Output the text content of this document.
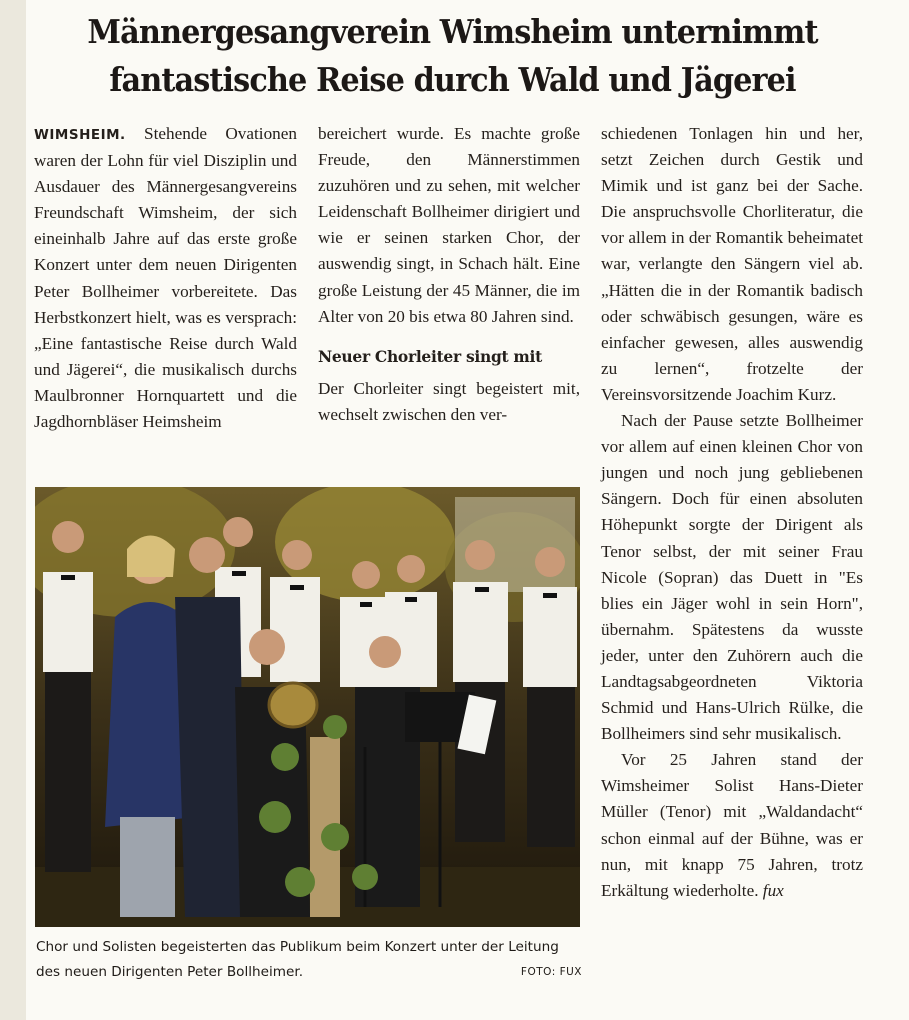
Männergesangverein Wimsheim unternimmt
fantastische Reise durch Wald und Jägerei

WIMSHEIM. Stehende Ovationen waren der Lohn für viel Disziplin und Ausdauer des Männergesangvereins Freundschaft Wimsheim, der sich eineinhalb Jahre auf das erste große Konzert unter dem neuen Dirigenten Peter Bollheimer vorbereitete. Das Herbstkonzert hielt, was es versprach: „Eine fantastische Reise durch Wald und Jägerei“, die musikalisch durchs Maulbronner Hornquartett und die Jagdhornbläser Heimsheim

bereichert wurde. Es machte große Freude, den Männerstimmen zuzuhören und zu sehen, mit welcher Leidenschaft Bollheimer dirigiert und wie er seinen starken Chor, der auswendig singt, in Schach hält. Eine große Leistung der 45 Männer, die im Alter von 20 bis etwa 80 Jahren sind.

Neuer Chorleiter singt mit

Der Chorleiter singt begeistert mit, wechselt zwischen den ver-

schiedenen Tonlagen hin und her, setzt Zeichen durch Gestik und Mimik und ist ganz bei der Sache. Die anspruchsvolle Chorliteratur, die vor allem in der Romantik beheimatet war, verlangte den Sängern viel ab. „Hätten die in der Romantik badisch oder schwäbisch gesungen, wäre es einfacher gewesen, alles auswendig zu lernen“, frotzelte der Vereinsvorsitzende Joachim Kurz.

Nach der Pause setzte Bollheimer vor allem auf einen kleinen Chor von jungen und noch jung gebliebenen Sängern. Doch für einen absoluten Höhepunkt sorgte der Dirigent als Tenor selbst, der mit seiner Frau Nicole (Sopran) das Duett in "Es blies ein Jäger wohl in sein Horn", übernahm. Spätestens da wusste jeder, unter den Zuhörern auch die Landtagsabgeordneten Viktoria Schmid und Hans-Ulrich Rülke, die Bollheimers sind sehr musikalisch.

Vor 25 Jahren stand der Wimsheimer Solist Hans-Dieter Müller (Tenor) mit „Waldandacht“ schon einmal auf der Bühne, was er nun, mit knapp 75 Jahren, trotz Erkältung wiederholte. fux

Chor und Solisten begeisterten das Publikum beim Konzert unter der Leitung des neuen Dirigenten Peter Bollheimer.	FOTO: FUX
